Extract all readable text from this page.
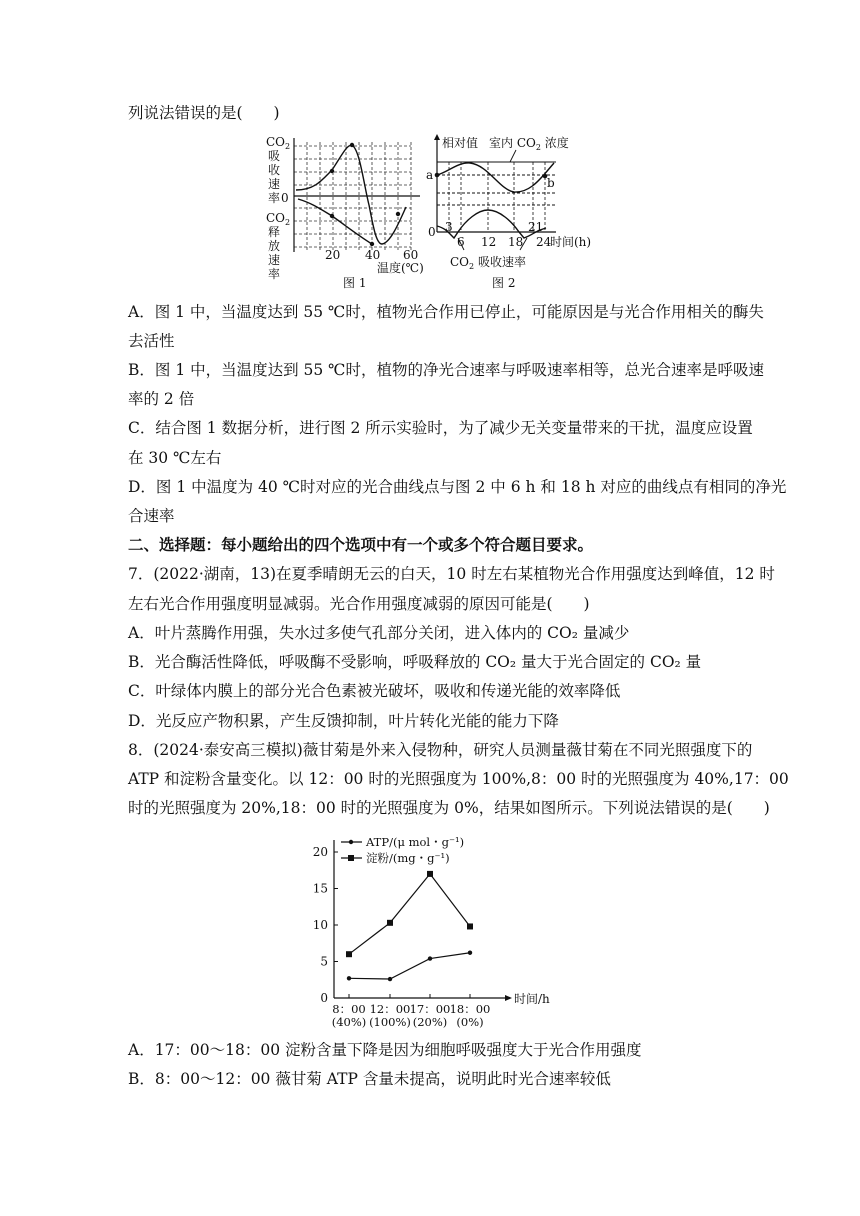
列说法错误的是(　　)
$CO_2$ 吸 收 速 率
$CO_2$ 释 放 速 率
0
20 40 60
温度(℃)
图 1
相对值 室内 $CO_2$ 浓度
a
b
0 3	21
6 12 18 24
时间(h)
$CO_2$ 吸收速率
图 2
A．图 1 中，当温度达到 55 ℃时，植物光合作用已停止，可能原因是与光合作用相关的酶失
去活性
B．图 1 中，当温度达到 55 ℃时，植物的净光合速率与呼吸速率相等，总光合速率是呼吸速
率的 2 倍
C．结合图 1 数据分析，进行图 2 所示实验时，为了减少无关变量带来的干扰，温度应设置
在 30 ℃左右
D．图 1 中温度为 40 ℃时对应的光合曲线点与图 2 中 6 h 和 18 h 对应的曲线点有相同的净光
合速率
二、选择题：每小题给出的四个选项中有一个或多个符合题目要求。
7．(2022·湖南，13)在夏季晴朗无云的白天，10 时左右某植物光合作用强度达到峰值，12 时
左右光合作用强度明显减弱。光合作用强度减弱的原因可能是(　　)
A．叶片蒸腾作用强，失水过多使气孔部分关闭，进入体内的 CO₂ 量减少
B．光合酶活性降低，呼吸酶不受影响，呼吸释放的 CO₂ 量大于光合固定的 CO₂ 量
C．叶绿体内膜上的部分光合色素被光破坏，吸收和传递光能的效率降低
D．光反应产物积累，产生反馈抑制，叶片转化光能的能力下降
8．(2024·泰安高三模拟)薇甘菊是外来入侵物种，研究人员测量薇甘菊在不同光照强度下的
ATP 和淀粉含量变化。以 12：00 时的光照强度为 100%,8：00 时的光照强度为 40%,17：00
时的光照强度为 20%,18：00 时的光照强度为 0%，结果如图所示。下列说法错误的是(　　)
0
5
10
15
20
8：00
(40%)
12：00
(100%)
17：00
(20%)
18：00
(0%)
时间/h
ATP/(μ mol・g⁻¹)
淀粉/(mg・g⁻¹)
A．17：00～18：00 淀粉含量下降是因为细胞呼吸强度大于光合作用强度
B．8：00～12：00 薇甘菊 ATP 含量未提高，说明此时光合速率较低
